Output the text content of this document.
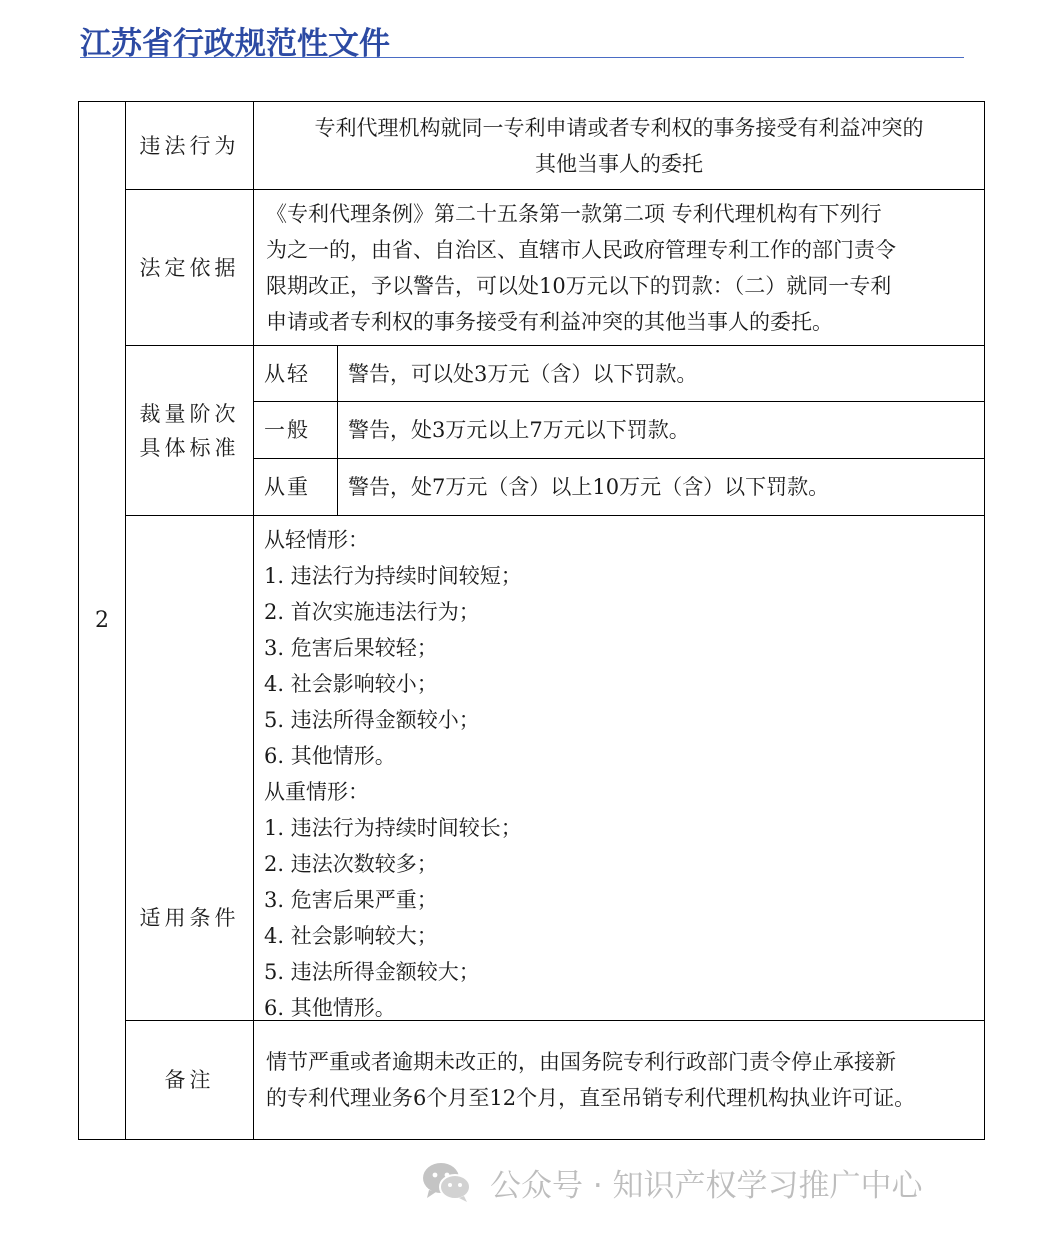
江苏省行政规范性文件
2
违法行为
专利代理机构就同一专利申请或者专利权的事务接受有利益冲突的
其他当事人的委托
法定依据
《专利代理条例》第二十五条第一款第二项 专利代理机构有下列行
为之一的，由省、自治区、直辖市人民政府管理专利工作的部门责令
限期改正，予以警告，可以处10万元以下的罚款：（二）就同一专利
申请或者专利权的事务接受有利益冲突的其他当事人的委托。
裁量阶次
具体标准
从轻 警告，可以处3万元（含）以下罚款。
一般 警告，处3万元以上7万元以下罚款。
从重 警告，处7万元（含）以上10万元（含）以下罚款。
适用条件
从轻情形：
1. 违法行为持续时间较短；
2. 首次实施违法行为；
3. 危害后果较轻；
4. 社会影响较小；
5. 违法所得金额较小；
6. 其他情形。
从重情形：
1. 违法行为持续时间较长；
2. 违法次数较多；
3. 危害后果严重；
4. 社会影响较大；
5. 违法所得金额较大；
6. 其他情形。
备注
情节严重或者逾期未改正的，由国务院专利行政部门责令停止承接新
的专利代理业务6个月至12个月，直至吊销专利代理机构执业许可证。
公众号 · 知识产权学习推广中心
